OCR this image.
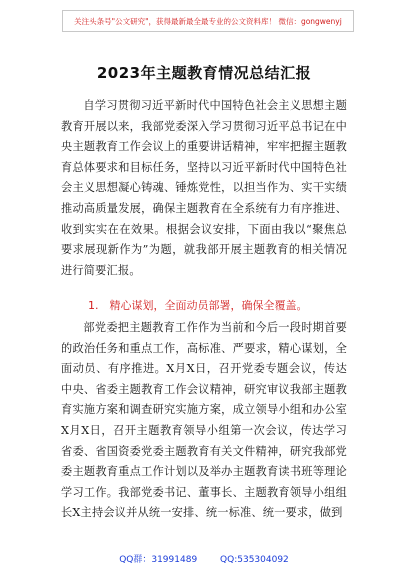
关注头条号"公文研究"，获得最新最全最专业的公文资料库！ 微信：gongwenyj
2023年主题教育情况总结汇报

自学习贯彻习近平新时代中国特色社会主义思想主题教育开展以来，我部党委深入学习贯彻习近平总书记在中央主题教育工作会议上的重要讲话精神，牢牢把握主题教育总体要求和目标任务，坚持以习近平新时代中国特色社会主义思想凝心铸魂、锤炼党性，以担当作为、实干实绩推动高质量发展，确保主题教育在全系统有力有序推进、收到实实在在效果。根据会议安排，下面由我以“聚焦总要求展现新作为”为题，就我部开展主题教育的相关情况进行简要汇报。

1.　精心谋划，全面动员部署，确保全覆盖。

部党委把主题教育工作作为当前和今后一段时期首要的政治任务和重点工作，高标准、严要求，精心谋划，全面动员、有序推进。X月X日，召开党委专题会议，传达中央、省委主题教育工作会议精神，研究审议我部主题教育实施方案和调查研究实施方案，成立领导小组和办公室X月X日，召开主题教育领导小组第一次会议，传达学习省委、省国资委党委主题教育有关文件精神，研究我部党委主题教育重点工作计划以及举办主题教育读书班等理论学习工作。我部党委书记、董事长、主题教育领导小组组长X主持会议并从统一安排、统一标准、统一要求，做到

QQ群：31991489	QQ:535304092
